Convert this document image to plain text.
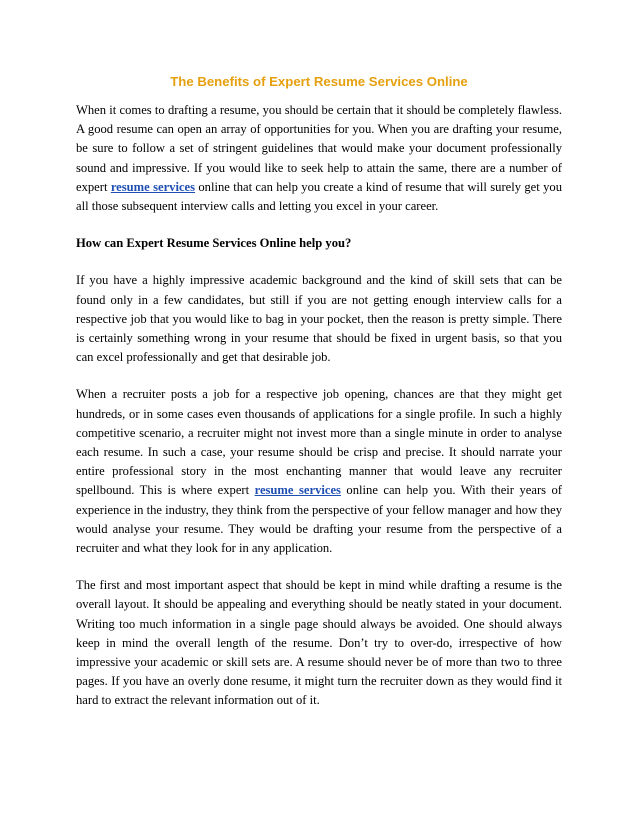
The Benefits of Expert Resume Services Online

When it comes to drafting a resume, you should be certain that it should be completely flawless. A good resume can open an array of opportunities for you. When you are drafting your resume, be sure to follow a set of stringent guidelines that would make your document professionally sound and impressive. If you would like to seek help to attain the same, there are a number of expert resume services online that can help you create a kind of resume that will surely get you all those subsequent interview calls and letting you excel in your career.

How can Expert Resume Services Online help you?

If you have a highly impressive academic background and the kind of skill sets that can be found only in a few candidates, but still if you are not getting enough interview calls for a respective job that you would like to bag in your pocket, then the reason is pretty simple. There is certainly something wrong in your resume that should be fixed in urgent basis, so that you can excel professionally and get that desirable job.

When a recruiter posts a job for a respective job opening, chances are that they might get hundreds, or in some cases even thousands of applications for a single profile. In such a highly competitive scenario, a recruiter might not invest more than a single minute in order to analyse each resume. In such a case, your resume should be crisp and precise. It should narrate your entire professional story in the most enchanting manner that would leave any recruiter spellbound. This is where expert resume services online can help you. With their years of experience in the industry, they think from the perspective of your fellow manager and how they would analyse your resume. They would be drafting your resume from the perspective of a recruiter and what they look for in any application.

The first and most important aspect that should be kept in mind while drafting a resume is the overall layout. It should be appealing and everything should be neatly stated in your document. Writing too much information in a single page should always be avoided. One should always keep in mind the overall length of the resume. Don’t try to over-do, irrespective of how impressive your academic or skill sets are. A resume should never be of more than two to three pages. If you have an overly done resume, it might turn the recruiter down as they would find it hard to extract the relevant information out of it.
